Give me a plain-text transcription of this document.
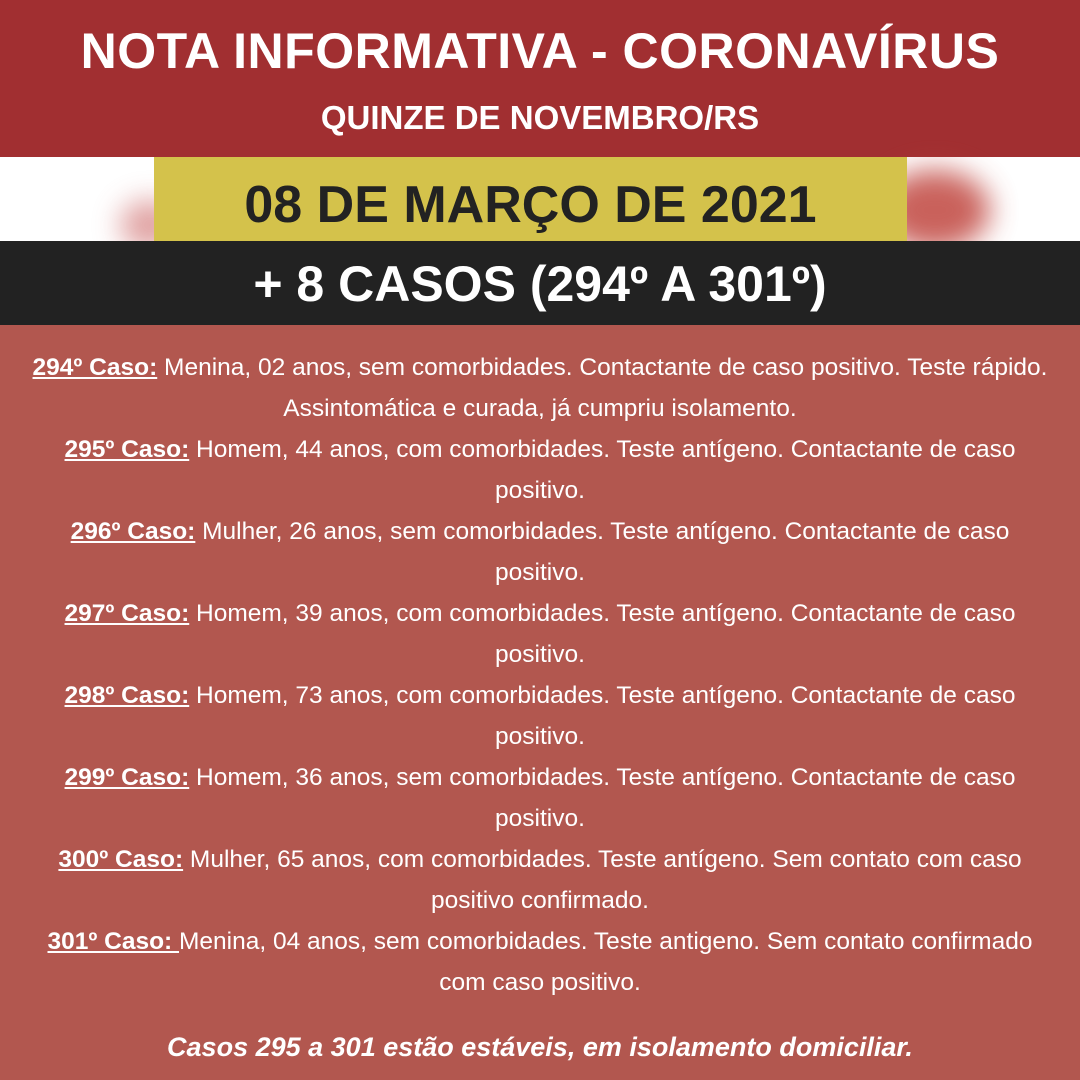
NOTA INFORMATIVA - CORONAVÍRUS
QUINZE DE NOVEMBRO/RS
08 DE MARÇO DE 2021
+ 8 CASOS (294º A 301º)

294º Caso: Menina, 02 anos, sem comorbidades. Contactante de caso positivo. Teste rápido. Assintomática e curada, já cumpriu isolamento.

295º Caso: Homem, 44 anos, com comorbidades. Teste antígeno. Contactante de caso positivo.

296º Caso: Mulher, 26 anos, sem comorbidades. Teste antígeno. Contactante de caso positivo.

297º Caso: Homem, 39 anos, com comorbidades. Teste antígeno. Contactante de caso positivo.

298º Caso: Homem, 73 anos, com comorbidades. Teste antígeno. Contactante de caso positivo.

299º Caso: Homem, 36 anos, sem comorbidades. Teste antígeno. Contactante de caso positivo.

300º Caso: Mulher, 65 anos, com comorbidades. Teste antígeno. Sem contato com caso positivo confirmado.

301º Caso: Menina, 04 anos, sem comorbidades. Teste antigeno. Sem contato confirmado com caso positivo.

Casos 295 a 301 estão estáveis, em isolamento domiciliar.
